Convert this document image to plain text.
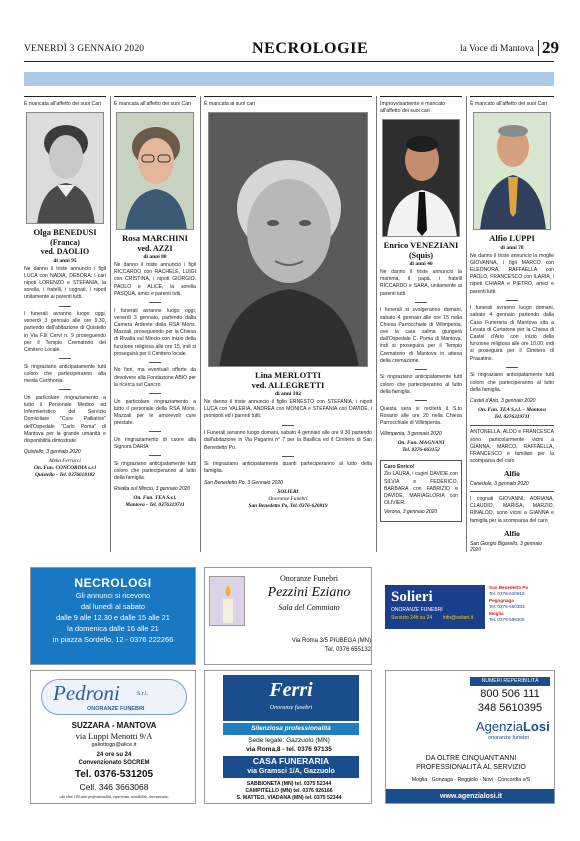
VENERDÌ 3 GENNAIO 2020	NECROLOGIE	la Voce di Mantova 29
È mancata all'affetto dei suoi Cari
Olga BENEDUSI
(Franca)
ved. DAOLIO
di anni 95

Ne danno il triste annuncio i figli LUCA con NADIA, DEBORA; i cari nipoti LORENZO e STEFANIA, la sorella, i fratelli, i cognati, i nipoti unitamente ai parenti tutti.

I funerali avranno luogo oggi, venerdì 3 gennaio alle ore 9.30, partendo dall'abitazione di Quistello in Via F.lli Cervi n. 9 proseguendo per il Tempio Crematorio del Cimitero Locale.

Si ringraziano anticipatamente tutti coloro che parteciperanno alla mesta Cerimonia.

Un particolare ringraziamento a tutto il Personale Medico ed Infermieristico del Servizio Domiciliare "Cure Palliative" dell'Ospedale "Carlo Poma" di Mantova per la grande umanità e disponibilità dimostrate.

Quistello, 3 gennaio 2020
Meka Ferrucci
On. Fun. CONCORDIA s.r.l
Quistello - Tel. 0376618182
È mancata all'affetto dei suoi Cari
Rosa MARCHINI
ved. AZZI
di anni 88

Ne danno il triste annuncio i figli RICCARDO con RACHELE, LUIGI con CRISTINA, i nipoti GIORGIO, PAOLO e ALICE, la sorella PASQUA, amici e parenti tutti.

I funerali avranno luogo oggi, venerdì 3 gennaio, partendo dalla Camera Ardente della RSA Mons. Mazzali, proseguendo per la Chiesa di Rivalta sul Mincio con inizio della funzione religiosa alle ore 15, indi si proseguirà per il Cimitero locale.

No fiori, ma eventuali offerte da devolvere alla Fondazione ABIO per la ricerca sul Cancro.

Un particolare ringraziamento a tutto il personale della RSA Mons. Mazzali per le amorevoli cure prestate.

Un ringraziamento di cuore alla Signora DARIA

Si ringraziano anticipatamente tutti coloro che parteciperanno al lutto della famiglia.

Rivalta sul Mincio, 3 gennaio 2020
On. Fun. TEA S.r.l.
Mantova - Tel. 0376319711
È mancata ai suoi cari
Lina MERLOTTI
ved. ALLEGRETTI
di anni 102

Ne danno il triste annuncio il figlio ERNESTO con STEFANIA, i nipoti LUCA con VALERIA, ANDREA con MONICA e STEFANIA con DAVIDE, i pronipoti ed i parenti tutti.

I Funerali avranno luogo domani, sabato 4 gennaio alle ore 9.30 partendo dall'abitazione in Via Pagarini n° 7 per la Basilica ed il Cimitero di San Benedetto Po.

Si ringraziano anticipatamente quanti parteciperanno al lutto della famiglia.

San Benedetto Po, 3 Gennaio 2020
SOLIERI
Onoranze Funebri
San Benedetto Po, Tel. 0376-620819
Improvvisamente è mancato all'affetto dei suoi cari
Enrico VENEZIANI
(Squis)
di anni 46

Ne danno il triste annuncio la mamma, il papà, i fratelli RICCARDO e SARA, unitamente ai parenti tutti.

I funerali si svolgeranno domani, sabato 4 gennaio alle ore 15 nella Chiesa Parrocchiale di Villimpenta, ove la cara salma giungerà dall'Ospedale C. Poma di Mantova, indi si proseguirà per il Tempio Crematorio di Mantova in attesa della cremazione.

Si ringraziano anticipatamente tutti coloro che parteciperanno al lutto della famiglia.

Questa sera si reciterà il S.to Rosario alle ore 20 nella Chiesa Parrocchiale di Villimpenta.

Villimpenta, 3 gennaio 2020
On. Fun. MAGNANI
Tel. 0376-663152
Caro Enrico!
Zio LAURA, i cugini DAVIDE con SILVIA e FEDERICO, BARBARA con FABRIZIO e DAVIDE, MARIAGLORIA con OLIVIER.
Verona, 3 gennaio 2020
È mancato all'affetto dei suoi Cari
Alfio LUPPI
di anni 78

Ne danno il triste annuncio la moglie GIOVANNA, i figli MARCO con ELEONORA, RAFFAELLA con PAOLO, FRANCESCO con ILARIA, i nipoti CHIARA e PIETRO, amici e parenti tutti.

I funerali avranno luogo domani, sabato 4 gennaio partendo dalla Casa Funeraria di Mantova sita a Levata di Curtatone per la Chiesa di Castel d'Ario con inizio della funzione religiosa alle ore 10.00; indi si proseguirà per il Cimitero di Prasatino.

Si ringraziano anticipatamente tutti coloro che parteciperanno al lutto della famiglia.

Castel d'Ario, 3 gennaio 2020
On. Fun. TEA S.r.l. – Mantova
Tel. 0376319711
ANTONELLA, ALDO e FRANCESCA sono particolarmente vicini a GIANNA, MARCO, RAFFAELLA, FRANCESCO e familiari per la scomparsa del caro
Alfio
Canedole, 3 gennaio 2020
I cognati GIOVANNI, ADRIANA, CLAUDIO, MARISA, MARZIO, RINALDO, sono vicini a GIANNA e famiglia per la scomparsa del caro
Alfio
San Giorgio Bigarello, 3 gennaio 2020
NECROLOGI
Gli annunci si ricevono
dal lunedì al sabato
dalle 9 alle 12.30 e dalle 15 alle 21
la domenica dalle 16 alle 21
in piazza Sordello, 12 - 0376 222266
Onoranze Funebri
Pezzini Eziano
Sala del Commiato
Via Roma 3/5 PIUBEGA (MN)
Tel. 0376 655132
Solieri
ONORANZE FUNEBRI
Servizio 24h su 24 info@solieri.it
San Benedetto Po
Tel. 0376-620819
Pegognaga
Tel. 0376-550383
Moglia
Tel. 0376-598300
Pedroni	S.r.l.
ONORANZE FUNEBRI
SUZZARA - MANTOVA
via Luppi Menotti 9/A
galiottogp@alice.it
24 ore su 24
Convenzionato SOCREM
Tel. 0376-531205
Cell. 346 3663068
«da oltre 100 anni professionalità, esperienza, sensibilità, riservatezza»
Ferri
Onoranze funebri
Silenziosa professionalità
Sede legale: Gazzuolo (MN)
via Roma,8 - tel. 0376 97135
CASA FUNERARIA
via Gramsci 1/A, Gazzuolo
SABBIONETA (MN) tel. 0375 52344
CAMPITELLO (MN) tel. 0376 926166
S. MATTEO, VIADANA (MN) tel. 0375 52344
NUMERI REPERIBILITÀ
800 506 111
348 5610395
AgenziaLosi
onoranze funebri
DA OLTRE CINQUANT'ANNI
PROFESSIONALITÀ AL SERVIZIO
Moglia · Gonzaga · Reggiolo · Novi · Concordia s/S
www.agenzialosi.it
